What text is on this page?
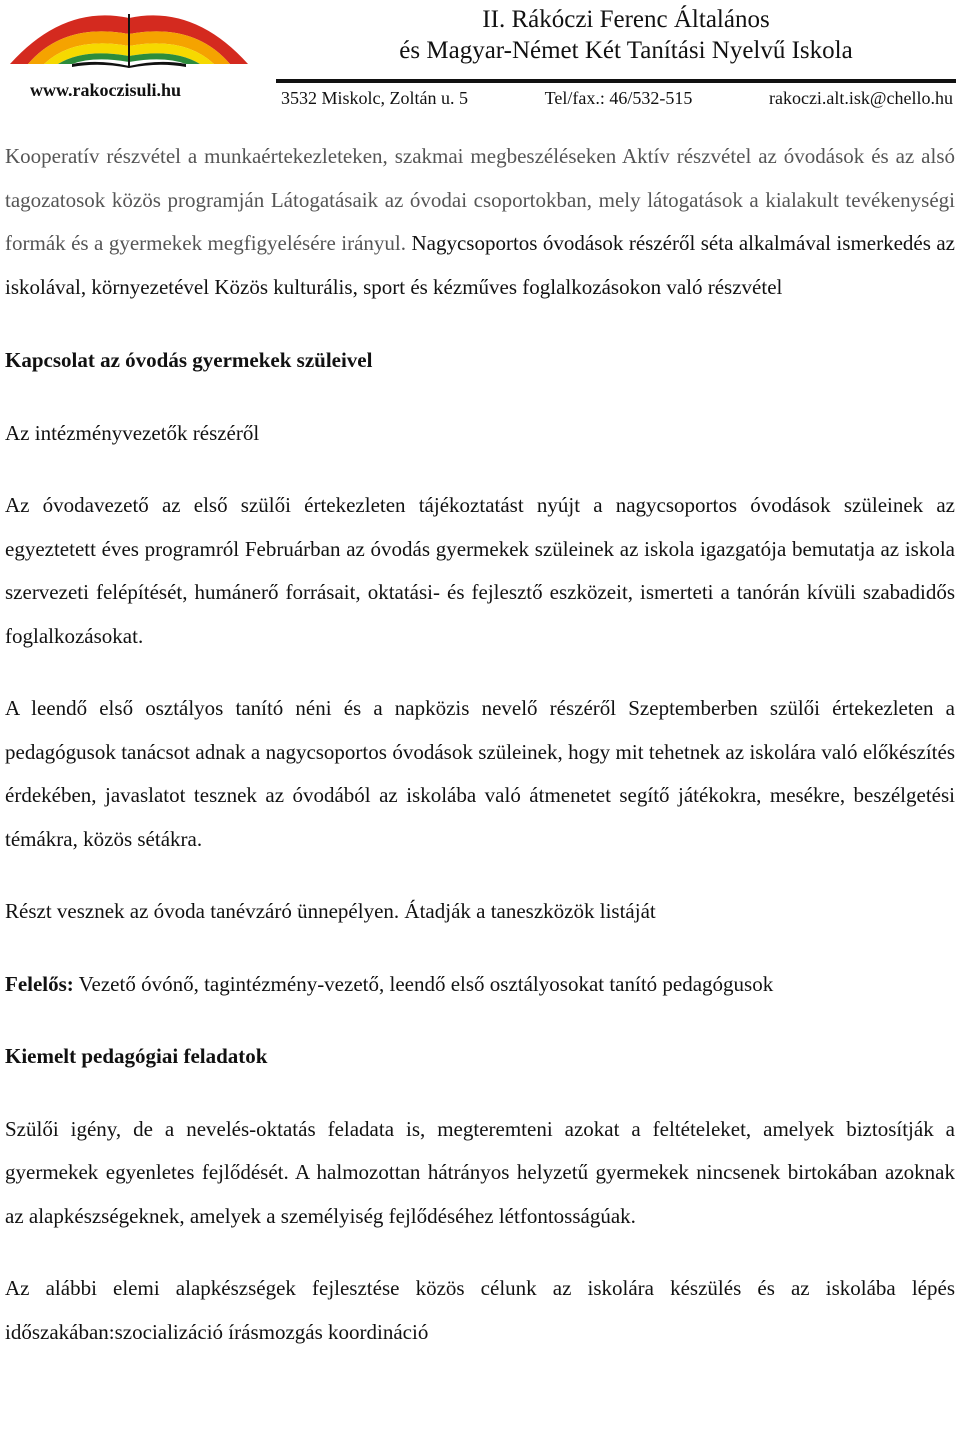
www.rakoczisuli.hu
II. Rákóczi Ferenc Általános
és Magyar-Német Két Tanítási Nyelvű Iskola
3532 Miskolc, Zoltán u. 5	Tel/fax.: 46/532-515	rakoczi.alt.isk@chello.hu

Kooperatív részvétel a munkaértekezleteken, szakmai megbeszéléseken Aktív részvétel az óvodások és az alsó tagozatosok közös programján Látogatásaik az óvodai csoportokban, mely látogatások a kialakult tevékenységi formák és a gyermekek megfigyelésére irányul. Nagycsoportos óvodások részéről séta alkalmával ismerkedés az iskolával, környezetével Közös kulturális, sport és kézműves foglalkozásokon való részvétel

Kapcsolat az óvodás gyermekek szüleivel

Az intézményvezetők részéről

Az óvodavezető az első szülői értekezleten tájékoztatást nyújt a nagycsoportos óvodások szüleinek az egyeztetett éves programról Februárban az óvodás gyermekek szüleinek az iskola igazgatója bemutatja az iskola szervezeti felépítését, humánerő forrásait, oktatási- és fejlesztő eszközeit, ismerteti a tanórán kívüli szabadidős foglalkozásokat.

A leendő első osztályos tanító néni és a napközis nevelő részéről Szeptemberben szülői értekezleten a pedagógusok tanácsot adnak a nagycsoportos óvodások szüleinek, hogy mit tehetnek az iskolára való előkészítés érdekében, javaslatot tesznek az óvodából az iskolába való átmenetet segítő játékokra, mesékre, beszélgetési témákra, közös sétákra.

Részt vesznek az óvoda tanévzáró ünnepélyen. Átadják a taneszközök listáját

Felelős: Vezető óvónő, tagintézmény-vezető, leendő első osztályosokat tanító pedagógusok

Kiemelt pedagógiai feladatok

Szülői igény, de a nevelés-oktatás feladata is, megteremteni azokat a feltételeket, amelyek biztosítják a gyermekek egyenletes fejlődését. A halmozottan hátrányos helyzetű gyermekek nincsenek birtokában azoknak az alapkészségeknek, amelyek a személyiség fejlődéséhez létfontosságúak.

Az alábbi elemi alapkészségek fejlesztése közös célunk az iskolára készülés és az iskolába lépés időszakában:szocializáció írásmozgás koordináció
